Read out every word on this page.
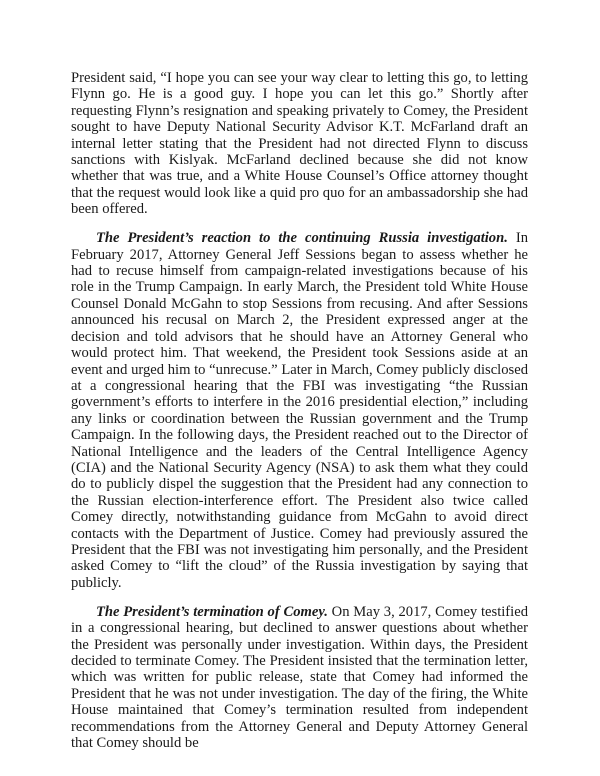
President said, “I hope you can see your way clear to letting this go, to letting Flynn go. He is a good guy. I hope you can let this go.” Shortly after requesting Flynn’s resignation and speaking privately to Comey, the President sought to have Deputy National Security Advisor K.T. McFarland draft an internal letter stating that the President had not directed Flynn to discuss sanctions with Kislyak. McFarland declined because she did not know whether that was true, and a White House Counsel’s Office attorney thought that the request would look like a quid pro quo for an ambassadorship she had been offered.

The President’s reaction to the continuing Russia investigation. In February 2017, Attorney General Jeff Sessions began to assess whether he had to recuse himself from campaign-related investigations because of his role in the Trump Campaign. In early March, the President told White House Counsel Donald McGahn to stop Sessions from recusing. And after Sessions announced his recusal on March 2, the President expressed anger at the decision and told advisors that he should have an Attorney General who would protect him. That weekend, the President took Sessions aside at an event and urged him to “unrecuse.” Later in March, Comey publicly disclosed at a congressional hearing that the FBI was investigating “the Russian government’s efforts to interfere in the 2016 presidential election,” including any links or coordination between the Russian government and the Trump Campaign. In the following days, the President reached out to the Director of National Intelligence and the leaders of the Central Intelligence Agency (CIA) and the National Security Agency (NSA) to ask them what they could do to publicly dispel the suggestion that the President had any connection to the Russian election-interference effort. The President also twice called Comey directly, notwithstanding guidance from McGahn to avoid direct contacts with the Department of Justice. Comey had previously assured the President that the FBI was not investigating him personally, and the President asked Comey to “lift the cloud” of the Russia investigation by saying that publicly.

The President’s termination of Comey. On May 3, 2017, Comey testified in a congressional hearing, but declined to answer questions about whether the President was personally under investigation. Within days, the President decided to terminate Comey. The President insisted that the termination letter, which was written for public release, state that Comey had informed the President that he was not under investigation. The day of the firing, the White House maintained that Comey’s termination resulted from independent recommendations from the Attorney General and Deputy Attorney General that Comey should be
